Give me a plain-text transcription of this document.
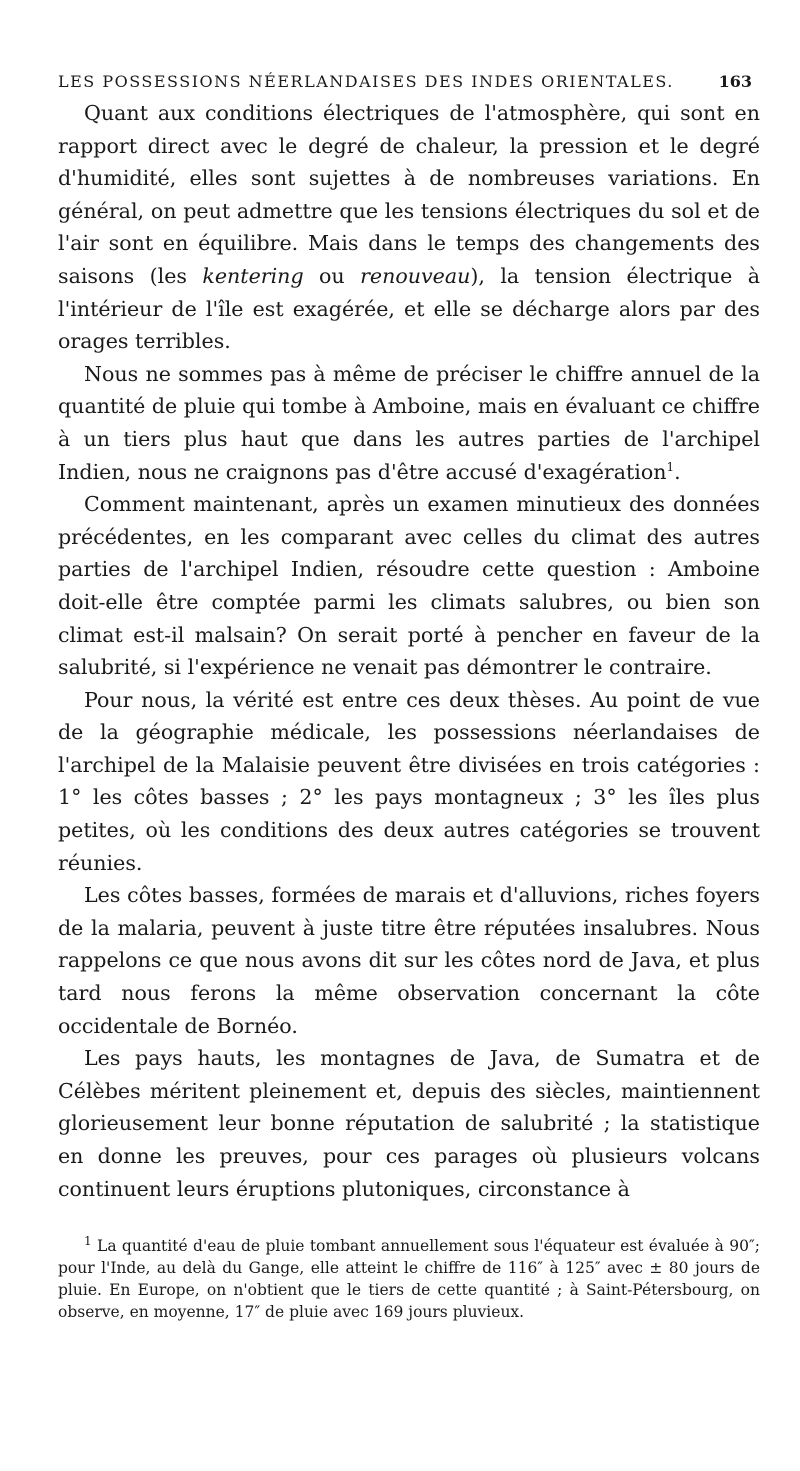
LES POSSESSIONS NÉERLANDAISES DES INDES ORIENTALES.	163

Quant aux conditions électriques de l'atmosphère, qui sont en rapport direct avec le degré de chaleur, la pression et le degré d'humidité, elles sont sujettes à de nombreuses variations. En général, on peut admettre que les tensions électriques du sol et de l'air sont en équilibre. Mais dans le temps des changements des saisons (les kentering ou renouveau), la tension électrique à l'intérieur de l'île est exagérée, et elle se décharge alors par des orages terribles.

Nous ne sommes pas à même de préciser le chiffre annuel de la quantité de pluie qui tombe à Amboine, mais en évaluant ce chiffre à un tiers plus haut que dans les autres parties de l'archipel Indien, nous ne craignons pas d'être accusé d'exagération$^1$.

Comment maintenant, après un examen minutieux des données précédentes, en les comparant avec celles du climat des autres parties de l'archipel Indien, résoudre cette question : Amboine doit-elle être comptée parmi les climats salubres, ou bien son climat est-il malsain? On serait porté à pencher en faveur de la salubrité, si l'expérience ne venait pas démontrer le contraire.

Pour nous, la vérité est entre ces deux thèses. Au point de vue de la géographie médicale, les possessions néerlandaises de l'archipel de la Malaisie peuvent être divisées en trois catégories : 1° les côtes basses ; 2° les pays montagneux ; 3° les îles plus petites, où les conditions des deux autres catégories se trouvent réunies.

Les côtes basses, formées de marais et d'alluvions, riches foyers de la malaria, peuvent à juste titre être réputées insalubres. Nous rappelons ce que nous avons dit sur les côtes nord de Java, et plus tard nous ferons la même observation concernant la côte occidentale de Bornéo.

Les pays hauts, les montagnes de Java, de Sumatra et de Célèbes méritent pleinement et, depuis des siècles, maintiennent glorieusement leur bonne réputation de salubrité ; la statistique en donne les preuves, pour ces parages où plusieurs volcans continuent leurs éruptions plutoniques, circonstance à

$^1$ La quantité d'eau de pluie tombant annuellement sous l'équateur est évaluée à 90″; pour l'Inde, au delà du Gange, elle atteint le chiffre de 116″ à 125″ avec ± 80 jours de pluie. En Europe, on n'obtient que le tiers de cette quantité ; à Saint-Pétersbourg, on observe, en moyenne, 17″ de pluie avec 169 jours pluvieux.
